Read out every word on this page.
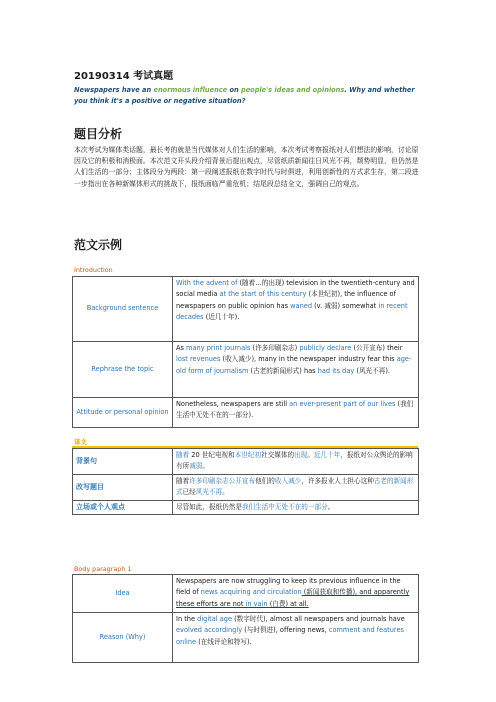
20190314 考试真题
Newspapers have an enormous influence on people's ideas and opinions. Why and whether you think it's a positive or negative situation?
题目分析
本次考试为媒体类话题，最长考的就是当代媒体对人们生活的影响，本次考试考察报纸对人们想法的影响，讨论原因及它的积极和消极面。本次范文开头段介绍背景后提出观点，尽管纸质新闻往日风光不再，颓势明显，但仍然是人们生活的一部分；主体段分为两段：第一段阐述报纸在数字时代与时俱进，利用创新性的方式求生存，第二段进一步指出在各种新媒体形式的挑战下，报纸面临严重危机；结尾段总结全文，强调自己的观点。
范文示例
Introduction
Background sentence	With the advent of (随着…的出现) television in the twentieth-century and social media at the start of this century (本世纪初), the influence of newspapers on public opinion has waned (v. 减弱) somewhat in recent decades (近几十年).
Rephrase the topic	As many print journals (许多印刷杂志) publicly declare (公开宣布) their lost revenues (收入减少), many in the newspaper industry fear this age-old form of journalism (古老的新闻形式) has had its day (风光不再).
Attitude or personal opinion	Nonetheless, newspapers are still an ever-present part of our lives (我们生活中无处不在的一部分).
译文
背景句	随着 20 世纪电视和本世纪初社交媒体的出现。近几十年，报纸对公众舆论的影响有所减弱。
改写题目	随着许多印刷杂志公开宣布他们的收入减少，许多报业人士担心这种古老的新闻形式已经风光不再。
立场或个人观点	尽管如此，报纸仍然是我们生活中无处不在的一部分。
Body paragraph 1
Idea	Newspapers are now struggling to keep its previous influence in the field of news acquiring and circulation (新闻获取和传播), and apparently these efforts are not in vain (白费) at all.
Reason (Why)	In the digital age (数字时代), almost all newspapers and journals have evolved accordingly (与时俱进), offering news, comment and features online (在线评论和特写).
